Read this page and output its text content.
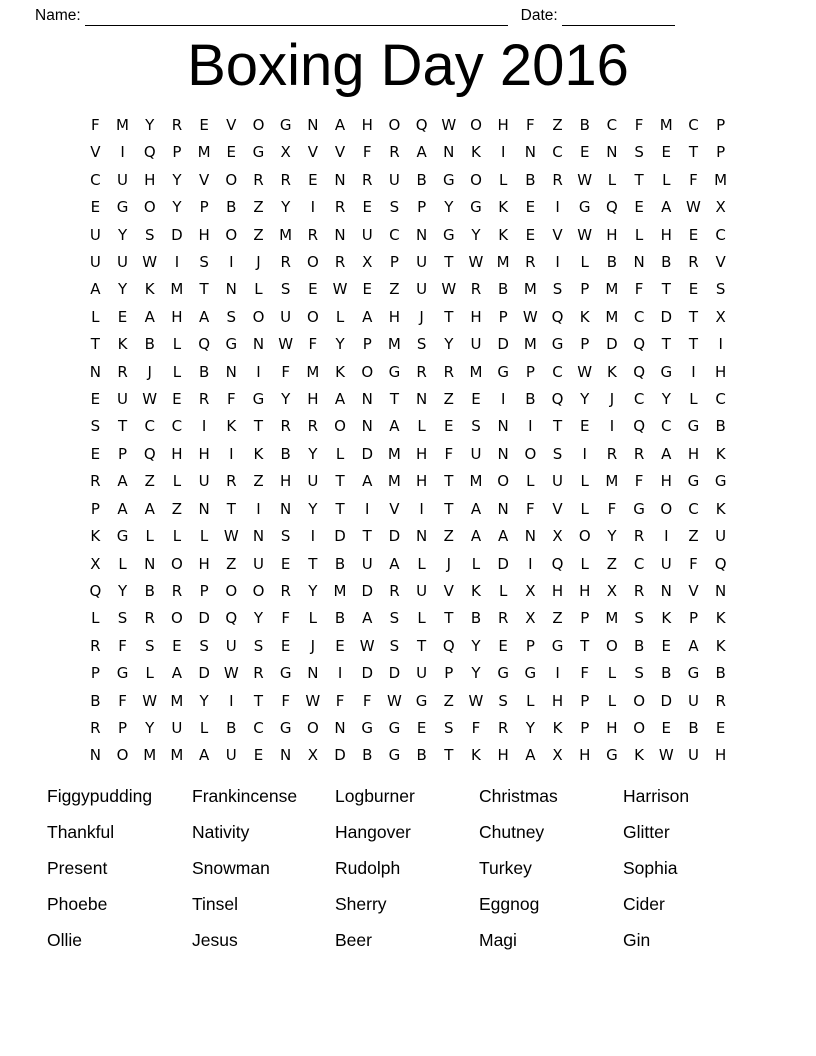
Name:	Date:
Boxing Day 2016
F	M	Y	R	E	V	O	G	N	A	H	O	Q	W	O	H	F	Z	B	C	F	M	C	P
V	I	Q	P	M	E	G	X	V	V	F	R	A	N	K	I	N	C	E	N	S	E	T	P
C	U	H	Y	V	O	R	R	E	N	R	U	B	G	O	L	B	R	W	L	T	L	F	M
E	G	O	Y	P	B	Z	Y	I	R	E	S	P	Y	G	K	E	I	G	Q	E	A	W	X
U	Y	S	D	H	O	Z	M	R	N	U	C	N	G	Y	K	E	V	W	H	L	H	E	C
U	U	W	I	S	I	J	R	O	R	X	P	U	T	W	M	R	I	L	B	N	B	R	V
A	Y	K	M	T	N	L	S	E	W	E	Z	U	W	R	B	M	S	P	M	F	T	E	S
L	E	A	H	A	S	O	U	O	L	A	H	J	T	H	P	W	Q	K	M	C	D	T	X
T	K	B	L	Q	G	N	W	F	Y	P	M	S	Y	U	D	M	G	P	D	Q	T	T	I
N	R	J	L	B	N	I	F	M	K	O	G	R	R	M	G	P	C	W	K	Q	G	I	H
E	U	W	E	R	F	G	Y	H	A	N	T	N	Z	E	I	B	Q	Y	J	C	Y	L	C
S	T	C	C	I	K	T	R	R	O	N	A	L	E	S	N	I	T	E	I	Q	C	G	B
E	P	Q	H	H	I	K	B	Y	L	D	M	H	F	U	N	O	S	I	R	R	A	H	K
R	A	Z	L	U	R	Z	H	U	T	A	M	H	T	M	O	L	U	L	M	F	H	G	G
P	A	A	Z	N	T	I	N	Y	T	I	V	I	T	A	N	F	V	L	F	G	O	C	K
K	G	L	L	L	W	N	S	I	D	T	D	N	Z	A	A	N	X	O	Y	R	I	Z	U
X	L	N	O	H	Z	U	E	T	B	U	A	L	J	L	D	I	Q	L	Z	C	U	F	Q
Q	Y	B	R	P	O	O	R	Y	M	D	R	U	V	K	L	X	H	H	X	R	N	V	N
L	S	R	O	D	Q	Y	F	L	B	A	S	L	T	B	R	X	Z	P	M	S	K	P	K
R	F	S	E	S	U	S	E	J	E	W	S	T	Q	Y	E	P	G	T	O	B	E	A	K
P	G	L	A	D	W	R	G	N	I	D	D	U	P	Y	G	G	I	F	L	S	B	G	B
B	F	W	M	Y	I	T	F	W	F	F	W	G	Z	W	S	L	H	P	L	O	D	U	R
R	P	Y	U	L	B	C	G	O	N	G	G	E	S	F	R	Y	K	P	H	O	E	B	E
N	O	M	M	A	U	E	N	X	D	B	G	B	T	K	H	A	X	H	G	K	W	U	H
Figgypudding	Frankincense	Logburner	Christmas	Harrison
Thankful	Nativity	Hangover	Chutney	Glitter
Present	Snowman	Rudolph	Turkey	Sophia
Phoebe	Tinsel	Sherry	Eggnog	Cider
Ollie	Jesus	Beer	Magi	Gin
